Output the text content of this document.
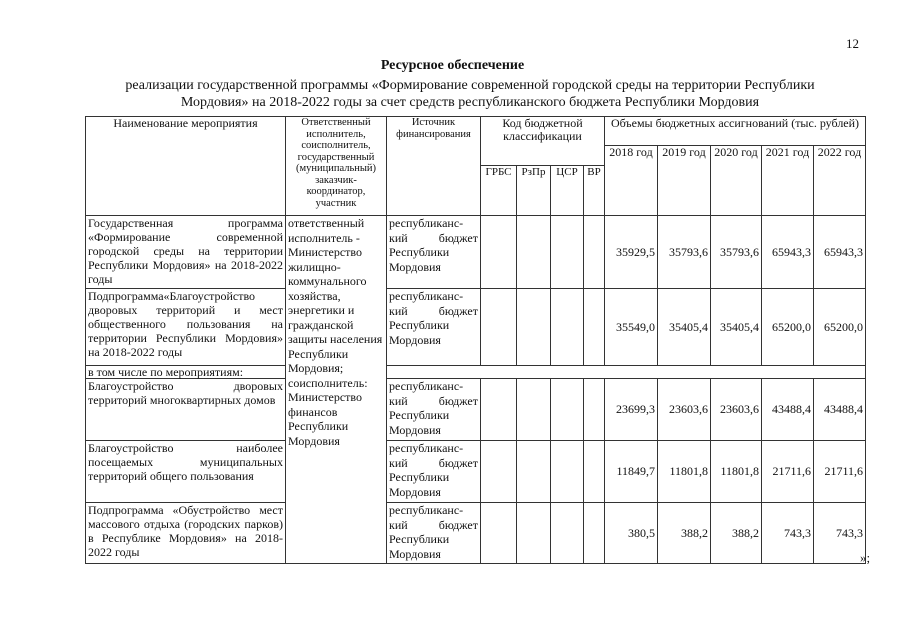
12
Ресурсное обеспечение
реализации государственной программы «Формирование современной городской среды на территории Республики
Мордовия» на 2018-2022 годы за счет средств республиканского бюджета Республики Мордовия
Наименование мероприятия	Ответственный исполнитель, соисполнитель, государственный (муниципальный) заказчик-координатор, участник	Источник финансирования	Код бюджетной классификации				Объемы бюджетных ассигнований (тыс. рублей)				
							2018 год	2019 год	2020 год	2021 год	2022 год
			ГРБС	РзПр	ЦСР	ВР					
Государственная программа «Формирование современной городской среды на территории Республики Мордовия» на 2018-2022 годы	ответственный исполнитель - Министерство жилищно-коммунального хозяйства, энергетики и гражданской защиты населения Республики Мордовия; соисполнитель: Министерство финансов Республики Мордовия	республиканс-кий бюджет Республики Мордовия					35929,5	35793,6	35793,6	65943,3	65943,3
Подпрограмма«Благоустройство дворовых территорий и мест общественного пользования на территории Республики Мордовия» на 2018-2022 годы		республиканс-кий бюджет Республики Мордовия					35549,0	35405,4	35405,4	65200,0	65200,0
в том числе по мероприятиям:											
Благоустройство дворовых территорий многоквартирных домов		республиканс-кий бюджет Республики Мордовия					23699,3	23603,6	23603,6	43488,4	43488,4
Благоустройство наиболее посещаемых муниципальных территорий общего пользования		республиканс-кий бюджет Республики Мордовия					11849,7	11801,8	11801,8	21711,6	21711,6
Подпрограмма «Обустройство мест массового отдыха (городских парков) в Республике Мордовия» на 2018-2022 годы		республиканс-кий бюджет Республики Мордовия					380,5	388,2	388,2	743,3	743,3
»;
